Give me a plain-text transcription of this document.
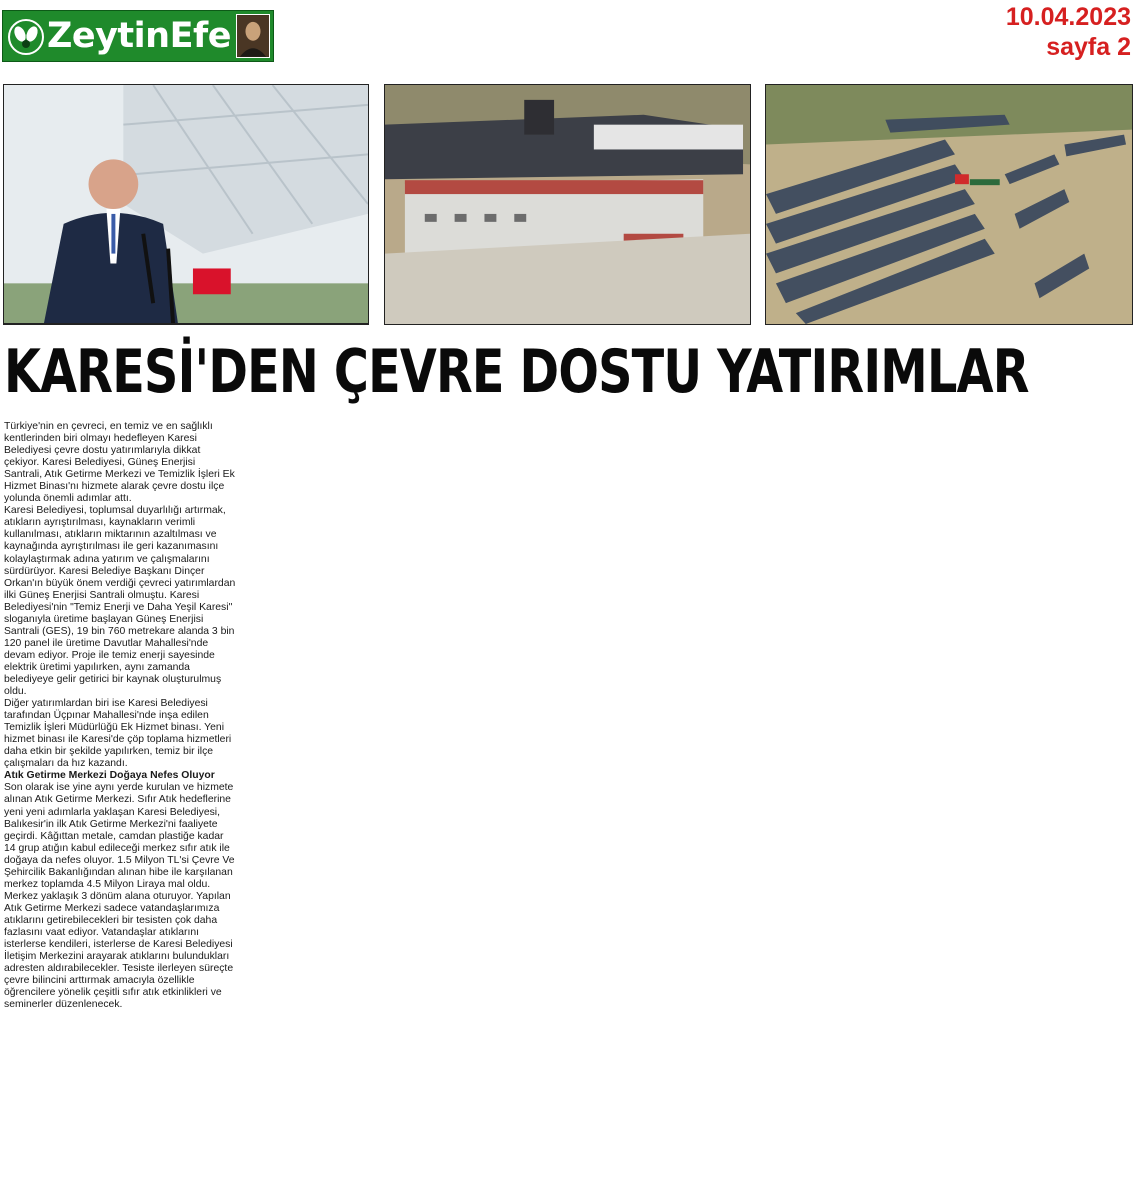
ZeytinEfe	10.04.2023
sayfa 2
KARESİ'DEN ÇEVRE DOSTU YATIRIMLAR

Türkiye'nin en çevreci, en temiz ve en sağlıklı kentlerinden biri olmayı hedefleyen Karesi Belediyesi çevre dostu yatırımlarıyla dikkat çekiyor. Karesi Belediyesi, Güneş Enerjisi Santrali, Atık Getirme Merkezi ve Temizlik İşleri Ek Hizmet Binası'nı hizmete alarak çevre dostu ilçe yolunda önemli adımlar attı.

Karesi Belediyesi, toplumsal duyarlılığı artırmak, atıkların ayrıştırılması, kaynakların verimli kullanılması, atıkların miktarının azaltılması ve kaynağında ayrıştırılması ile geri kazanımasını kolaylaştırmak adına yatırım ve çalışmalarını sürdürüyor. Karesi Belediye Başkanı Dinçer Orkan'ın büyük önem verdiği çevreci yatırımlardan ilki Güneş Enerjisi Santrali olmuştu. Karesi Belediyesi'nin "Temiz Enerji ve Daha Yeşil Karesi" sloganıyla üretime başlayan Güneş Enerjisi Santrali (GES), 19 bin 760 metrekare alanda 3 bin 120 panel ile üretime Davutlar Mahallesi'nde devam ediyor. Proje ile temiz enerji sayesinde elektrik üretimi yapılırken, aynı zamanda belediyeye gelir getirici bir kaynak oluşturulmuş oldu.

Diğer yatırımlardan biri ise Karesi Belediyesi tarafından Üçpınar Mahallesi'nde inşa edilen Temizlik İşleri Müdürlüğü Ek Hizmet binası. Yeni hizmet binası ile Karesi'de çöp toplama hizmetleri daha etkin bir şekilde yapılırken, temiz bir ilçe çalışmaları da hız kazandı.

Atık Getirme Merkezi Doğaya Nefes Oluyor

Son olarak ise yine aynı yerde kurulan ve hizmete alınan Atık Getirme Merkezi. Sıfır Atık hedeflerine yeni yeni adımlarla yaklaşan Karesi Belediyesi, Balıkesir'in ilk Atık Getirme Merkezi'ni faaliyete geçirdi. Kâğıttan metale, camdan plastiğe kadar 14 grup atığın kabul edileceği merkez sıfır atık ile doğaya da nefes oluyor. 1.5 Milyon TL'si Çevre Ve Şehircilik Bakanlığından alınan hibe ile karşılanan merkez toplamda 4.5 Milyon Liraya mal oldu. Merkez yaklaşık 3 dönüm alana oturuyor. Yapılan Atık Getirme Merkezi sadece vatandaşlarımıza atıklarını getirebilecekleri bir tesisten çok daha fazlasını vaat ediyor. Vatandaşlar atıklarını isterlerse kendileri, isterlerse de Karesi Belediyesi İletişim Merkezini arayarak atıklarını bulundukları adresten aldırabilecekler. Tesiste ilerleyen süreçte çevre bilincini arttırmak amacıyla özellikle öğrencilere yönelik çeşitli sıfır atık etkinlikleri ve seminerler düzenlenecek.
